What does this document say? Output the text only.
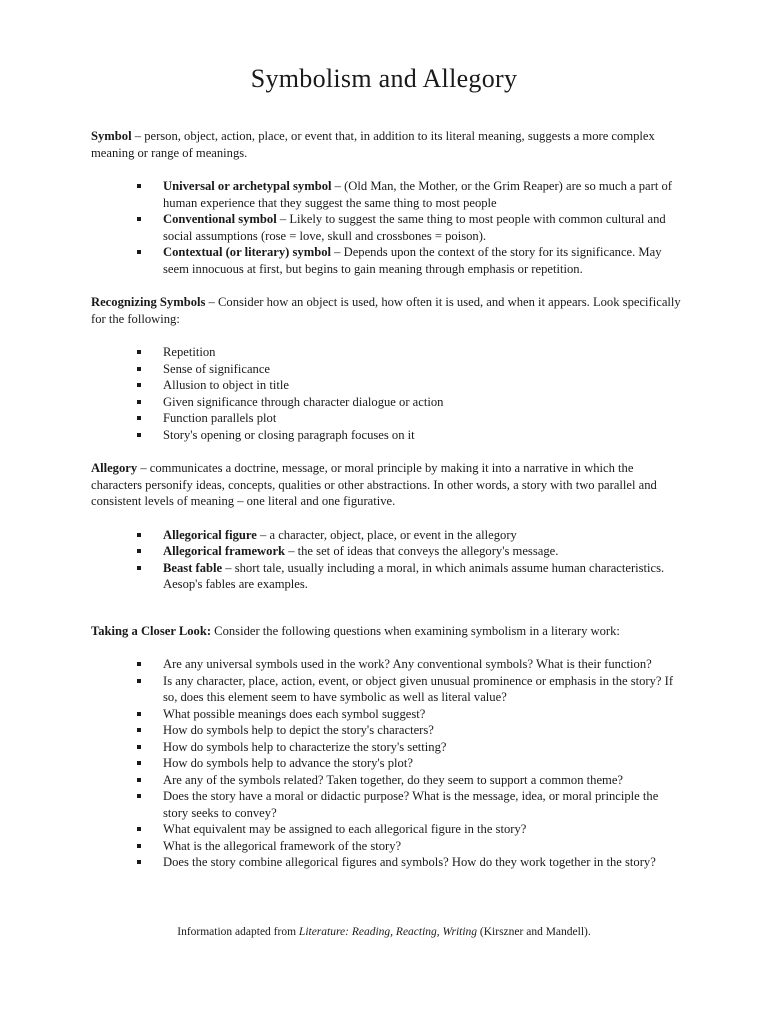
Symbolism and Allegory

Symbol – person, object, action, place, or event that, in addition to its literal meaning, suggests a more complex meaning or range of meanings.

Universal or archetypal symbol – (Old Man, the Mother, or the Grim Reaper) are so much a part of human experience that they suggest the same thing to most people
Conventional symbol – Likely to suggest the same thing to most people with common cultural and social assumptions (rose = love, skull and crossbones = poison).
Contextual (or literary) symbol – Depends upon the context of the story for its significance. May seem innocuous at first, but begins to gain meaning through emphasis or repetition.

Recognizing Symbols – Consider how an object is used, how often it is used, and when it appears. Look specifically for the following:

Repetition
Sense of significance
Allusion to object in title
Given significance through character dialogue or action
Function parallels plot
Story's opening or closing paragraph focuses on it

Allegory – communicates a doctrine, message, or moral principle by making it into a narrative in which the characters personify ideas, concepts, qualities or other abstractions. In other words, a story with two parallel and consistent levels of meaning – one literal and one figurative.

Allegorical figure – a character, object, place, or event in the allegory
Allegorical framework – the set of ideas that conveys the allegory's message.
Beast fable – short tale, usually including a moral, in which animals assume human characteristics. Aesop's fables are examples.

Taking a Closer Look: Consider the following questions when examining symbolism in a literary work:

Are any universal symbols used in the work? Any conventional symbols? What is their function?
Is any character, place, action, event, or object given unusual prominence or emphasis in the story? If so, does this element seem to have symbolic as well as literal value?
What possible meanings does each symbol suggest?
How do symbols help to depict the story's characters?
How do symbols help to characterize the story's setting?
How do symbols help to advance the story's plot?
Are any of the symbols related? Taken together, do they seem to support a common theme?
Does the story have a moral or didactic purpose? What is the message, idea, or moral principle the story seeks to convey?
What equivalent may be assigned to each allegorical figure in the story?
What is the allegorical framework of the story?
Does the story combine allegorical figures and symbols? How do they work together in the story?
Information adapted from Literature: Reading, Reacting, Writing (Kirszner and Mandell).
